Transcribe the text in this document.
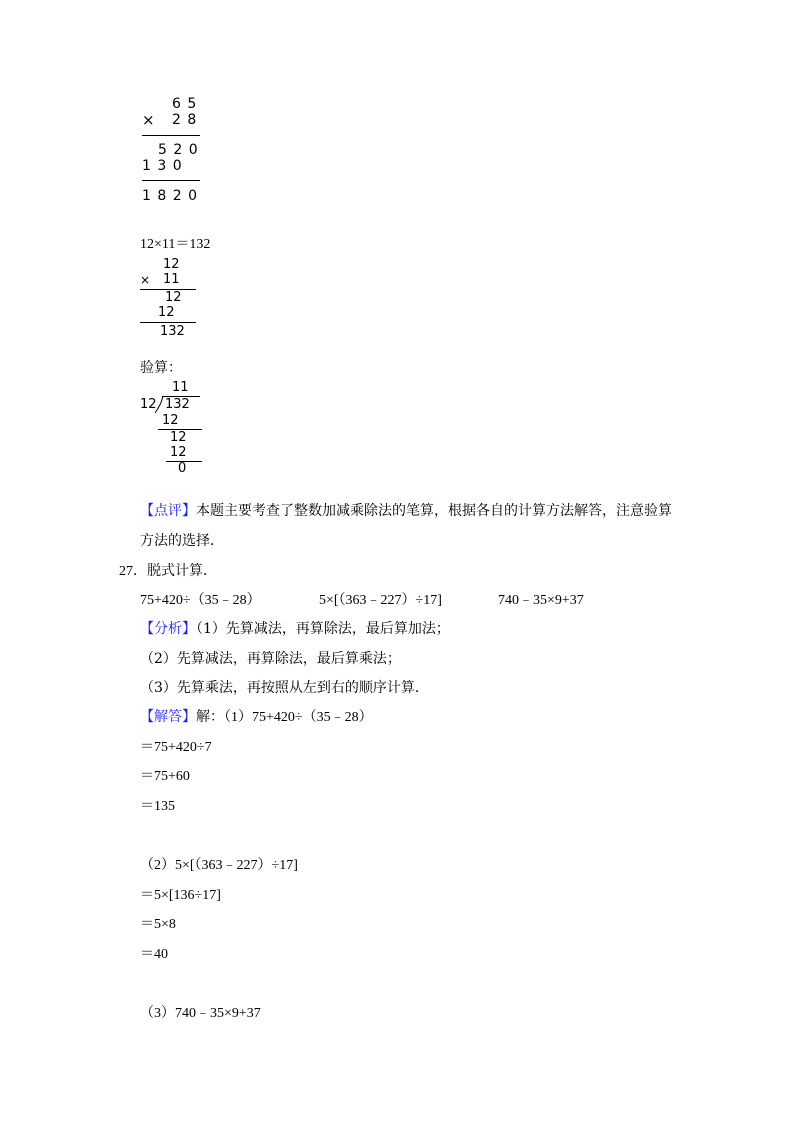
6 5
× 2 8
5 2 0
1 3 0
1 8 2 0
12×11＝132
12
× 11
12
12
132
验算：
11
12 132
12
12
12
0
【点评】本题主要考查了整数加减乘除法的笔算，根据各自的计算方法解答，注意验算
方法的选择．
27．脱式计算．
75+420÷（35﹣28）	5×[（363﹣227）÷17]	740﹣35×9+37
【分析】（1）先算减法，再算除法，最后算加法；
（2）先算减法，再算除法，最后算乘法；
（3）先算乘法，再按照从左到右的顺序计算．
【解答】解：（1）75+420÷（35﹣28）
＝75+420÷7
＝75+60
＝135
（2）5×[（363﹣227）÷17]
＝5×[136÷17]
＝5×8
＝40
（3）740﹣35×9+37
